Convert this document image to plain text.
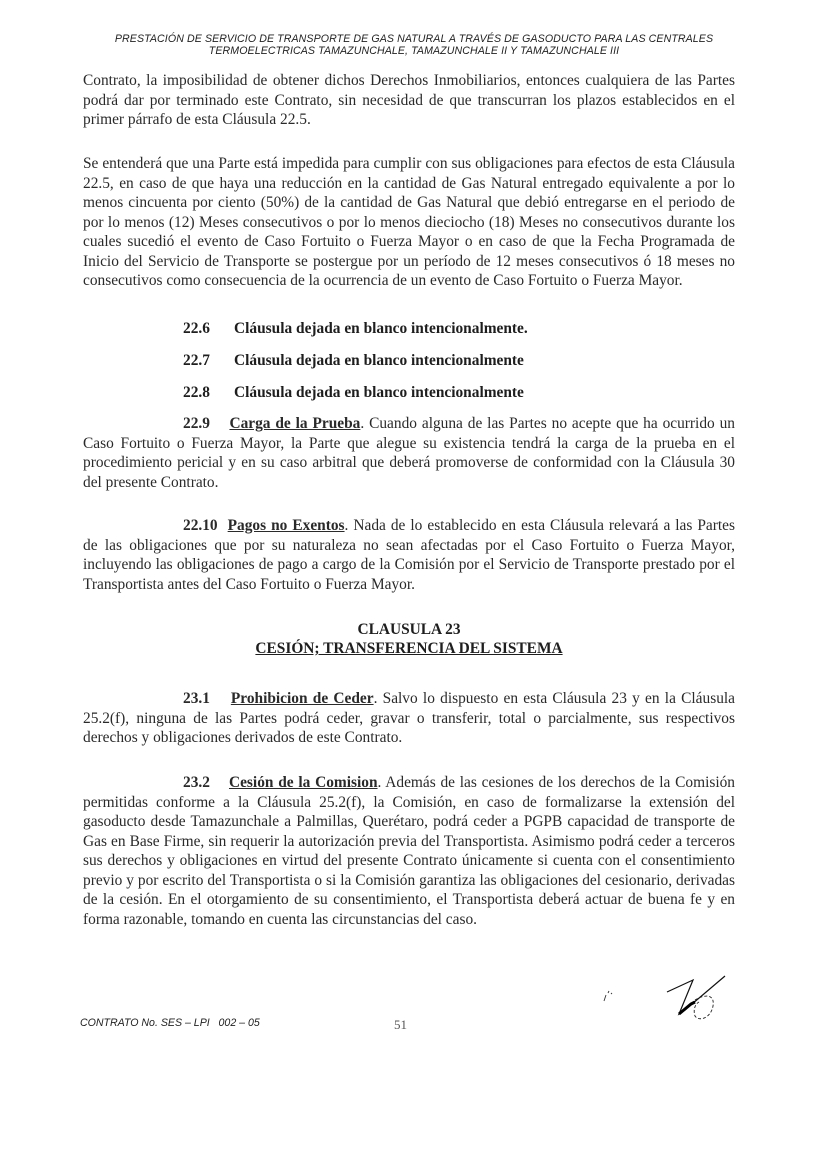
PRESTACIÓN DE SERVICIO DE TRANSPORTE DE GAS NATURAL A TRAVÉS DE GASODUCTO PARA LAS CENTRALES
TERMOELECTRICAS TAMAZUNCHALE, TAMAZUNCHALE II Y TAMAZUNCHALE III
Contrato, la imposibilidad de obtener dichos Derechos Inmobiliarios, entonces cualquiera de las Partes podrá dar por terminado este Contrato, sin necesidad de que transcurran los plazos establecidos en el primer párrafo de esta Cláusula 22.5.
Se entenderá que una Parte está impedida para cumplir con sus obligaciones para efectos de esta Cláusula 22.5, en caso de que haya una reducción en la cantidad de Gas Natural entregado equivalente a por lo menos cincuenta por ciento (50%) de la cantidad de Gas Natural que debió entregarse en el periodo de por lo menos (12) Meses consecutivos o por lo menos dieciocho (18) Meses no consecutivos durante los cuales sucedió el evento de Caso Fortuito o Fuerza Mayor o en caso de que la Fecha Programada de Inicio del Servicio de Transporte se postergue por un período de 12 meses consecutivos ó 18 meses no consecutivos como consecuencia de la ocurrencia de un evento de Caso Fortuito o Fuerza Mayor.
22.6 Cláusula dejada en blanco intencionalmente.
22.7 Cláusula dejada en blanco intencionalmente
22.8 Cláusula dejada en blanco intencionalmente
22.9 Carga de la Prueba. Cuando alguna de las Partes no acepte que ha ocurrido un Caso Fortuito o Fuerza Mayor, la Parte que alegue su existencia tendrá la carga de la prueba en el procedimiento pericial y en su caso arbitral que deberá promoverse de conformidad con la Cláusula 30 del presente Contrato.
22.10 Pagos no Exentos. Nada de lo establecido en esta Cláusula relevará a las Partes de las obligaciones que por su naturaleza no sean afectadas por el Caso Fortuito o Fuerza Mayor, incluyendo las obligaciones de pago a cargo de la Comisión por el Servicio de Transporte prestado por el Transportista antes del Caso Fortuito o Fuerza Mayor.
CLAUSULA 23
CESIÓN; TRANSFERENCIA DEL SISTEMA
23.1 Prohibicion de Ceder. Salvo lo dispuesto en esta Cláusula 23 y en la Cláusula 25.2(f), ninguna de las Partes podrá ceder, gravar o transferir, total o parcialmente, sus respectivos derechos y obligaciones derivados de este Contrato.
23.2 Cesión de la Comision. Además de las cesiones de los derechos de la Comisión permitidas conforme a la Cláusula 25.2(f), la Comisión, en caso de formalizarse la extensión del gasoducto desde Tamazunchale a Palmillas, Querétaro, podrá ceder a PGPB capacidad de transporte de Gas en Base Firme, sin requerir la autorización previa del Transportista. Asimismo podrá ceder a terceros sus derechos y obligaciones en virtud del presente Contrato únicamente si cuenta con el consentimiento previo y por escrito del Transportista o si la Comisión garantiza las obligaciones del cesionario, derivadas de la cesión. En el otorgamiento de su consentimiento, el Transportista deberá actuar de buena fe y en forma razonable, tomando en cuenta las circunstancias del caso.
CONTRATO No. SES – LPI   002 – 05	51
